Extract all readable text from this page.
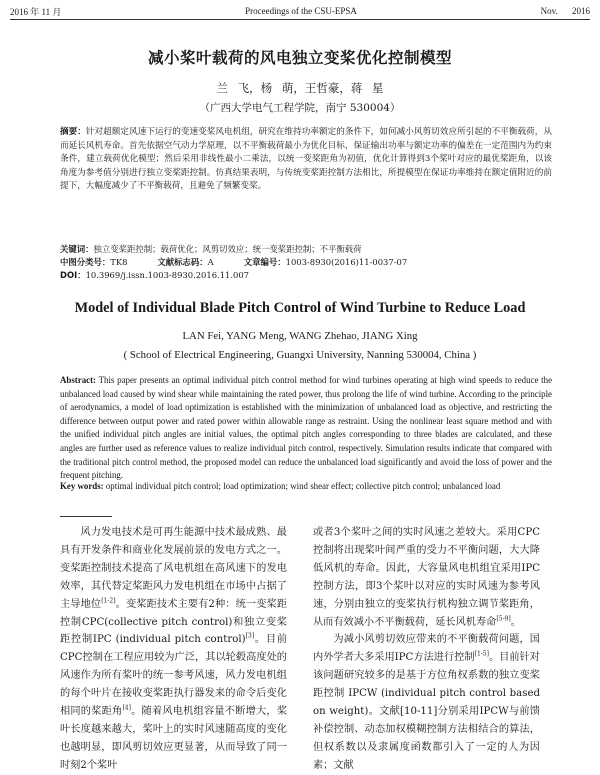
2016 年 11 月	Proceedings of the CSU-EPSA	Nov. 2016
减小桨叶载荷的风电独立变桨优化控制模型
兰 飞，杨 萌，王哲豪，蒋 星
（广西大学电气工程学院，南宁 530004）
摘要：针对超额定风速下运行的变速变桨风电机组，研究在维持功率额定的条件下，如何减小风剪切效应所引起的不平衡载荷，从而延长风机寿命。首先依据空气动力学原理，以不平衡载荷最小为优化目标，保证输出功率与额定功率的偏差在一定范围内为约束条件，建立载荷优化模型；然后采用非线性最小二乘法，以统一变桨距角为初值，优化计算得到3个桨叶对应的最优桨距角，以该角度为参考值分别进行独立变桨距控制。仿真结果表明，与传统变桨距控制方法相比，所提模型在保证功率维持在额定值附近的前提下，大幅度减少了不平衡载荷，且避免了频繁变桨。
关键词：独立变桨距控制；载荷优化；风剪切效应；统一变桨距控制；不平衡载荷
中图分类号：TK8	文献标志码：A	文章编号：1003-8930(2016)11-0037-07
DOI：10.3969/j.issn.1003-8930.2016.11.007
Model of Individual Blade Pitch Control of Wind Turbine to Reduce Load
LAN Fei, YANG Meng, WANG Zhehao, JIANG Xing
( School of Electrical Engineering, Guangxi University, Nanning 530004, China )
Abstract: This paper presents an optimal individual pitch control method for wind turbines operating at high wind speeds to reduce the unbalanced load caused by wind shear while maintaining the rated power, thus prolong the life of wind turbine. According to the principle of aerodynamics, a model of load optimization is established with the minimization of unbalanced load as objective, and restricting the difference between output power and rated power within allowable range as restraint. Using the nonlinear least square method and with the unified individual pitch angles are initial values, the optimal pitch angles corresponding to three blades are calculated, and these angles are further used as reference values to realize individual pitch control, respectively. Simulation results indicate that compared with the traditional pitch control method, the proposed model can reduce the unbalanced load significantly and avoid the loss of power and the frequent pitching.
Key words: optimal individual pitch control; load optimization; wind shear effect; collective pitch control; unbalanced load

风力发电技术是可再生能源中技术最成熟、最具有开发条件和商业化发展前景的发电方式之一。变桨距控制技术提高了风电机组在高风速下的发电效率，其代替定桨距风力发电机组在市场中占据了主导地位[1-2]。变桨距技术主要有2种：统一变桨距控制CPC(collective pitch control)和独立变桨距控制IPC (individual pitch control)[3]。目前CPC控制在工程应用较为广泛，其以轮毂高度处的风速作为所有桨叶的统一参考风速，风力发电机组的每个叶片在接收变桨距执行器发来的命令后变化相同的桨距角[4]。随着风电机组容量不断增大，桨叶长度越来越大，桨叶上的实时风速随高度的变化也越明显，即风剪切效应更显著，从而导致了同一时刻2个桨叶

或者3个桨叶之间的实时风速之差较大。采用CPC控制将出现桨叶间严重的受力不平衡问题，大大降低风机的寿命。因此，大容量风电机组宜采用IPC控制方法，即3个桨叶以对应的实时风速为参考风速，分别由独立的变桨执行机构独立调节桨距角，从而有效减小不平衡载荷，延长风机寿命[5-9]。

为减小风剪切效应带来的不平衡载荷问题，国内外学者大多采用IPC方法进行控制[1-5]。目前针对该问题研究较多的是基于方位角权系数的独立变桨距控制 IPCW (individual pitch control based on weight)。文献[10-11]分别采用IPCW与前馈补偿控制、动态加权模糊控制方法相结合的算法，但权系数以及隶属度函数都引入了一定的人为因素；文献
